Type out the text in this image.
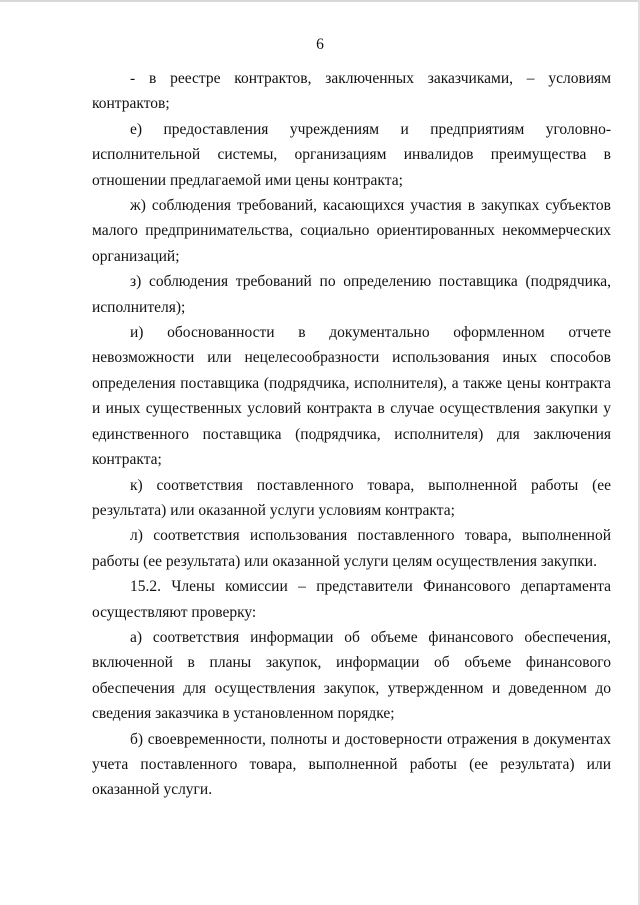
6

- в реестре контрактов, заключенных заказчиками, – условиям контрактов;

е) предоставления учреждениям и предприятиям уголовно-исполнительной системы, организациям инвалидов преимущества в отношении предлагаемой ими цены контракта;

ж) соблюдения требований, касающихся участия в закупках субъектов малого предпринимательства, социально ориентированных некоммерческих организаций;

з) соблюдения требований по определению поставщика (подрядчика, исполнителя);

и) обоснованности в документально оформленном отчете невозможности или нецелесообразности использования иных способов определения поставщика (подрядчика, исполнителя), а также цены контракта и иных существенных условий контракта в случае осуществления закупки у единственного поставщика (подрядчика, исполнителя) для заключения контракта;

к) соответствия поставленного товара, выполненной работы (ее результата) или оказанной услуги условиям контракта;

л) соответствия использования поставленного товара, выполненной работы (ее результата) или оказанной услуги целям осуществления закупки.

15.2. Члены комиссии – представители Финансового департамента осуществляют проверку:

а) соответствия информации об объеме финансового обеспечения, включенной в планы закупок, информации об объеме финансового обеспечения для осуществления закупок, утвержденном и доведенном до сведения заказчика в установленном порядке;

б) своевременности, полноты и достоверности отражения в документах учета поставленного товара, выполненной работы (ее результата) или оказанной услуги.
